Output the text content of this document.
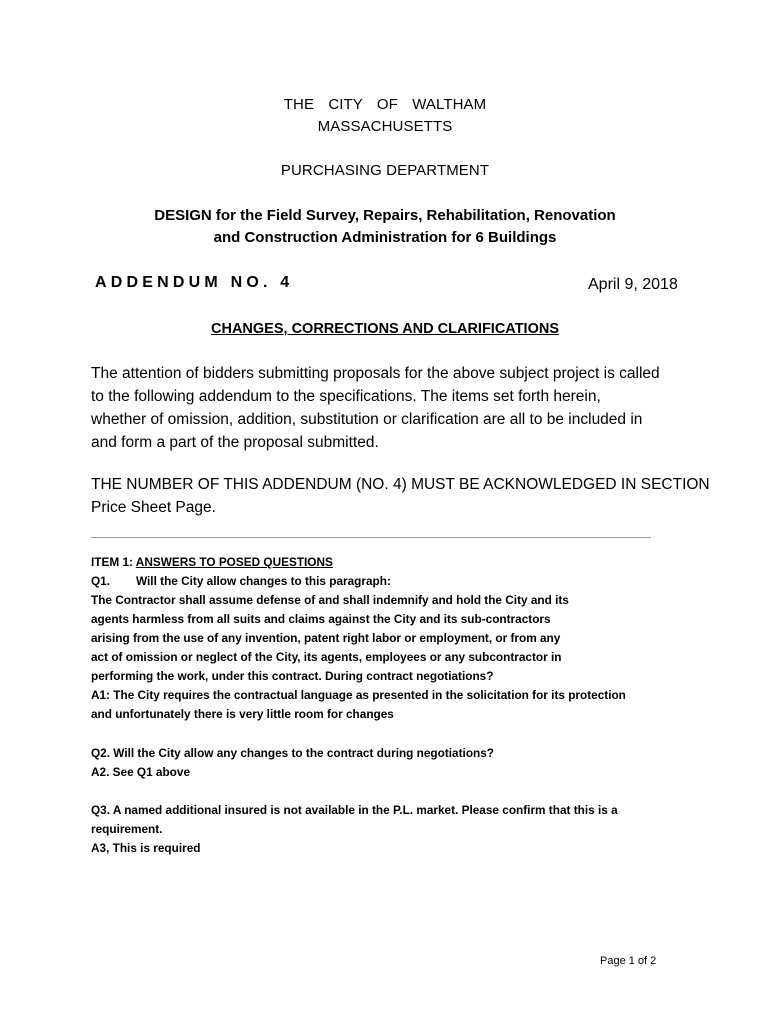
THE CITY OF WALTHAM
MASSACHUSETTS
PURCHASING DEPARTMENT
DESIGN for the Field Survey, Repairs, Rehabilitation, Renovation
and Construction Administration for 6 Buildings
ADDENDUM NO. 4	April 9, 2018
CHANGES, CORRECTIONS AND CLARIFICATIONS
The attention of bidders submitting proposals for the above subject project is called
to the following addendum to the specifications. The items set forth herein,
whether of omission, addition, substitution or clarification are all to be included in
and form a part of the proposal submitted.
THE NUMBER OF THIS ADDENDUM (NO. 4) MUST BE ACKNOWLEDGED IN SECTION
Price Sheet Page.
ITEM 1: ANSWERS TO POSED QUESTIONS
Q1. Will the City allow changes to this paragraph:
The Contractor shall assume defense of and shall indemnify and hold the City and its
agents harmless from all suits and claims against the City and its sub-contractors
arising from the use of any invention, patent right labor or employment, or from any
act of omission or neglect of the City, its agents, employees or any subcontractor in
performing the work, under this contract. During contract negotiations?
A1: The City requires the contractual language as presented in the solicitation for its protection
and unfortunately there is very little room for changes
Q2. Will the City allow any changes to the contract during negotiations?
A2. See Q1 above
Q3. A named additional insured is not available in the P.L. market. Please confirm that this is a
requirement.
A3, This is required
Page 1 of 2
